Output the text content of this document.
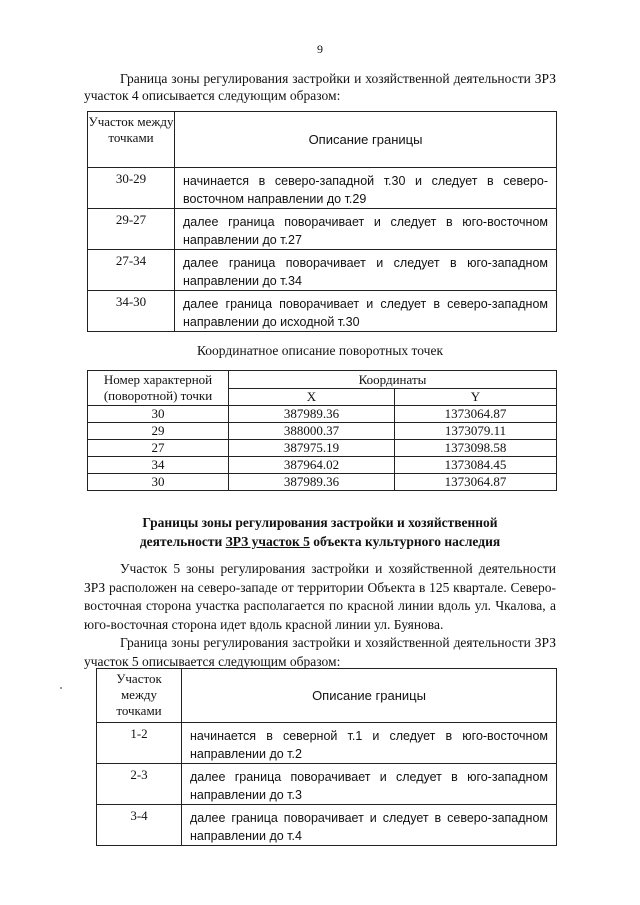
9
Граница зоны регулирования застройки и хозяйственной деятельности ЗРЗ участок 4 описывается следующим образом:
Участок между точками	Описание границы
30-29	начинается в северо-западной т.30 и следует в северо-восточном направлении до т.29
29-27	далее граница поворачивает и следует в юго-восточном направлении до т.27
27-34	далее граница поворачивает и следует в юго-западном направлении до т.34
34-30	далее граница поворачивает и следует в северо-западном направлении до исходной т.30
Координатное описание поворотных точек
Номер характерной
(поворотной) точки	Координаты	
	X	Y
30	387989.36	1373064.87
29	388000.37	1373079.11
27	387975.19	1373098.58
34	387964.02	1373084.45
30	387989.36	1373064.87
Границы зоны регулирования застройки и хозяйственной
деятельности ЗРЗ участок 5 объекта культурного наследия
Участок 5 зоны регулирования застройки и хозяйственной деятельности ЗРЗ расположен на северо-западе от территории Объекта в 125 квартале. Северо-восточная сторона участка располагается по красной линии вдоль ул. Чкалова, а юго-восточная сторона идет вдоль красной линии ул. Буянова.
Граница зоны регулирования застройки и хозяйственной деятельности ЗРЗ участок 5 описывается следующим образом:
Участок между точками	Описание границы
1-2	начинается в северной т.1 и следует в юго-восточном направлении до т.2
2-3	далее граница поворачивает и следует в юго-западном направлении до т.3
3-4	далее граница поворачивает и следует в северо-западном направлении до т.4
